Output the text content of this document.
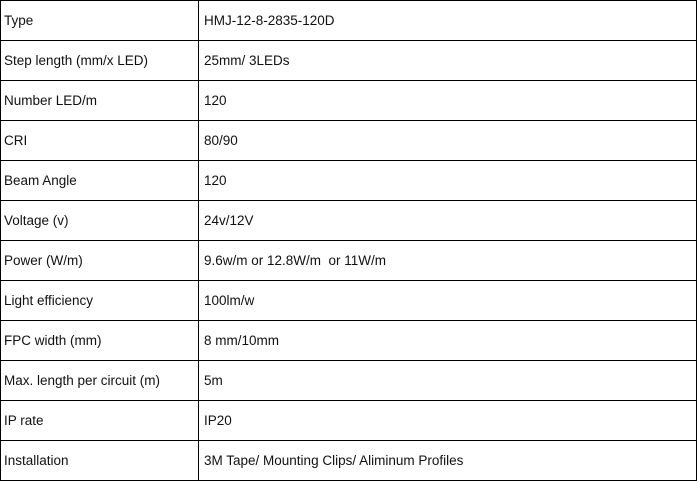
Type	HMJ-12-8-2835-120D
Step length (mm/x LED)	25mm/ 3LEDs
Number LED/m	120
CRI	80/90
Beam Angle	120
Voltage (v)	24v/12V
Power (W/m)	9.6w/m or 12.8W/m  or 11W/m
Light efficiency	100lm/w
FPC width (mm)	8 mm/10mm
Max. length per circuit (m)	5m
IP rate	IP20
Installation	3M Tape/ Mounting Clips/ Aliminum Profiles
